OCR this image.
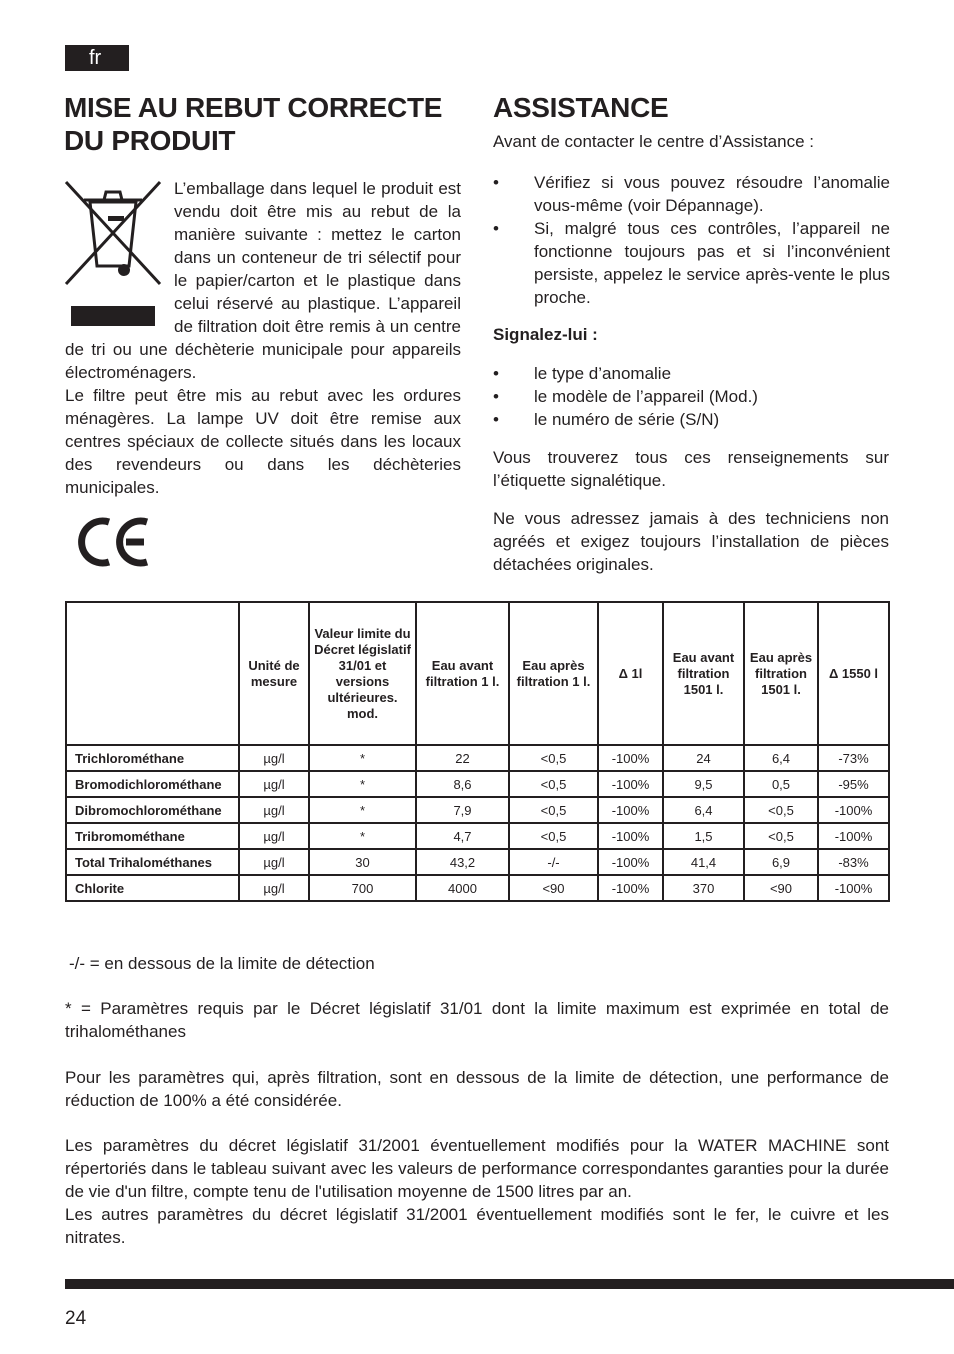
fr
MISE AU REBUT CORRECTE
DU PRODUIT

L’emballage dans lequel le produit est vendu doit être mis au rebut de la manière suivante : mettez le carton dans un conteneur de tri sélectif pour le papier/carton et le plastique dans celui réservé au plastique. L’appareil de filtration doit être remis à un centre de tri ou une déchèterie municipale pour appareils électroménagers.

Le filtre peut être mis au rebut avec les ordures ménagères. La lampe UV doit être remise aux centres spéciaux de collecte situés dans les locaux des revendeurs ou dans les déchèteries municipales.

ASSISTANCE
Avant de contacter le centre d’Assistance :
• Vérifiez si vous pouvez résoudre l’anomalie vous-même (voir Dépannage).
• Si, malgré tous ces contrôles, l’appareil ne fonctionne toujours pas et si l’inconvénient persiste, appelez le service après-vente le plus proche.
Signalez-lui :
• le type d’anomalie
• le modèle de l’appareil (Mod.)
• le numéro de série (S/N)
Vous trouverez tous ces renseignements sur l’étiquette signalétique.
Ne vous adressez jamais à des techniciens non agréés et exigez toujours l’installation de pièces détachées originales.
	Unité de mesure	Valeur limite du Décret législatif 31/01 et versions ultérieures. mod.	Eau avant filtration 1 l.	Eau après filtration 1 l.	Δ 1l	Eau avant filtration 1501 l.	Eau après filtration 1501 l.	Δ 1550 l
Trichlorométhane	µg/l	*	22	<0,5	-100%	24	6,4	-73%
Bromodichlorométhane	µg/l	*	8,6	<0,5	-100%	9,5	0,5	-95%
Dibromochlorométhane	µg/l	*	7,9	<0,5	-100%	6,4	<0,5	-100%
Tribromométhane	µg/l	*	4,7	<0,5	-100%	1,5	<0,5	-100%
Total Trihalométhanes	µg/l	30	43,2	-/-	-100%	41,4	6,9	-83%
Chlorite	µg/l	700	4000	<90	-100%	370	<90	-100%
-/- = en dessous de la limite de détection
* = Paramètres requis par le Décret législatif 31/01 dont la limite maximum est exprimée en total de trihalométhanes
Pour les paramètres qui, après filtration, sont en dessous de la limite de détection, une performance de réduction de 100% a été considérée.

Les paramètres du décret législatif 31/2001 éventuellement modifiés pour la WATER MACHINE sont répertoriés dans le tableau suivant avec les valeurs de performance correspondantes garanties pour la durée de vie d'un filtre, compte tenu de l'utilisation moyenne de 1500 litres par an.

Les autres paramètres du décret législatif 31/2001 éventuellement modifiés sont le fer, le cuivre et les nitrates.

24
